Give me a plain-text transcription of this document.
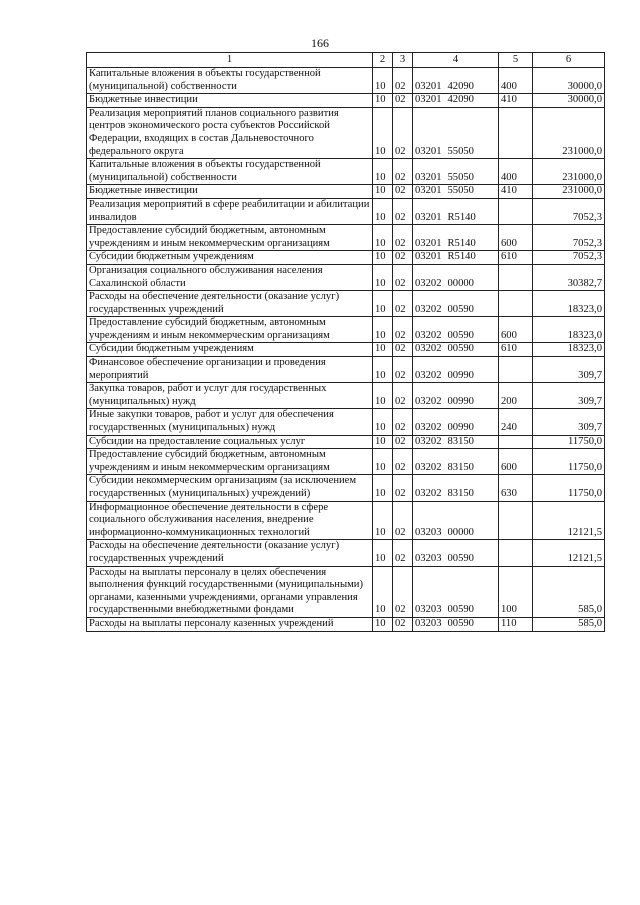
166
1	2	3	4	5	6
Капитальные вложения в объекты государственной (муниципальной) собственности	10	02	03201 42090	400	30000,0
Бюджетные инвестиции	10	02	03201 42090	410	30000,0
Реализация мероприятий планов социального развития центров экономического роста субъектов Российской Федерации, входящих в состав Дальневосточного федерального округа	10	02	03201 55050		231000,0
Капитальные вложения в объекты государственной (муниципальной) собственности	10	02	03201 55050	400	231000,0
Бюджетные инвестиции	10	02	03201 55050	410	231000,0
Реализация мероприятий в сфере реабилитации и абилитации инвалидов	10	02	03201 R5140		7052,3
Предоставление субсидий бюджетным, автономным учреждениям и иным некоммерческим организациям	10	02	03201 R5140	600	7052,3
Субсидии бюджетным учреждениям	10	02	03201 R5140	610	7052,3
Организация социального обслуживания населения Сахалинской области	10	02	03202 00000		30382,7
Расходы на обеспечение деятельности (оказание услуг) государственных учреждений	10	02	03202 00590		18323,0
Предоставление субсидий бюджетным, автономным учреждениям и иным некоммерческим организациям	10	02	03202 00590	600	18323,0
Субсидии бюджетным учреждениям	10	02	03202 00590	610	18323,0
Финансовое обеспечение организации и проведения мероприятий	10	02	03202 00990		309,7
Закупка товаров, работ и услуг для государственных (муниципальных) нужд	10	02	03202 00990	200	309,7
Иные закупки товаров, работ и услуг для обеспечения государственных (муниципальных) нужд	10	02	03202 00990	240	309,7
Субсидии на предоставление социальных услуг	10	02	03202 83150		11750,0
Предоставление субсидий бюджетным, автономным учреждениям и иным некоммерческим организациям	10	02	03202 83150	600	11750,0
Субсидии некоммерческим организациям (за исключением государственных (муниципальных) учреждений)	10	02	03202 83150	630	11750,0
Информационное обеспечение деятельности в сфере социального обслуживания населения, внедрение информационно-коммуникационных технологий	10	02	03203 00000		12121,5
Расходы на обеспечение деятельности (оказание услуг) государственных учреждений	10	02	03203 00590		12121,5
Расходы на выплаты персоналу в целях обеспечения выполнения функций государственными (муниципальными) органами, казенными учреждениями, органами управления государственными внебюджетными фондами	10	02	03203 00590	100	585,0
Расходы на выплаты персоналу казенных учреждений	10	02	03203 00590	110	585,0
